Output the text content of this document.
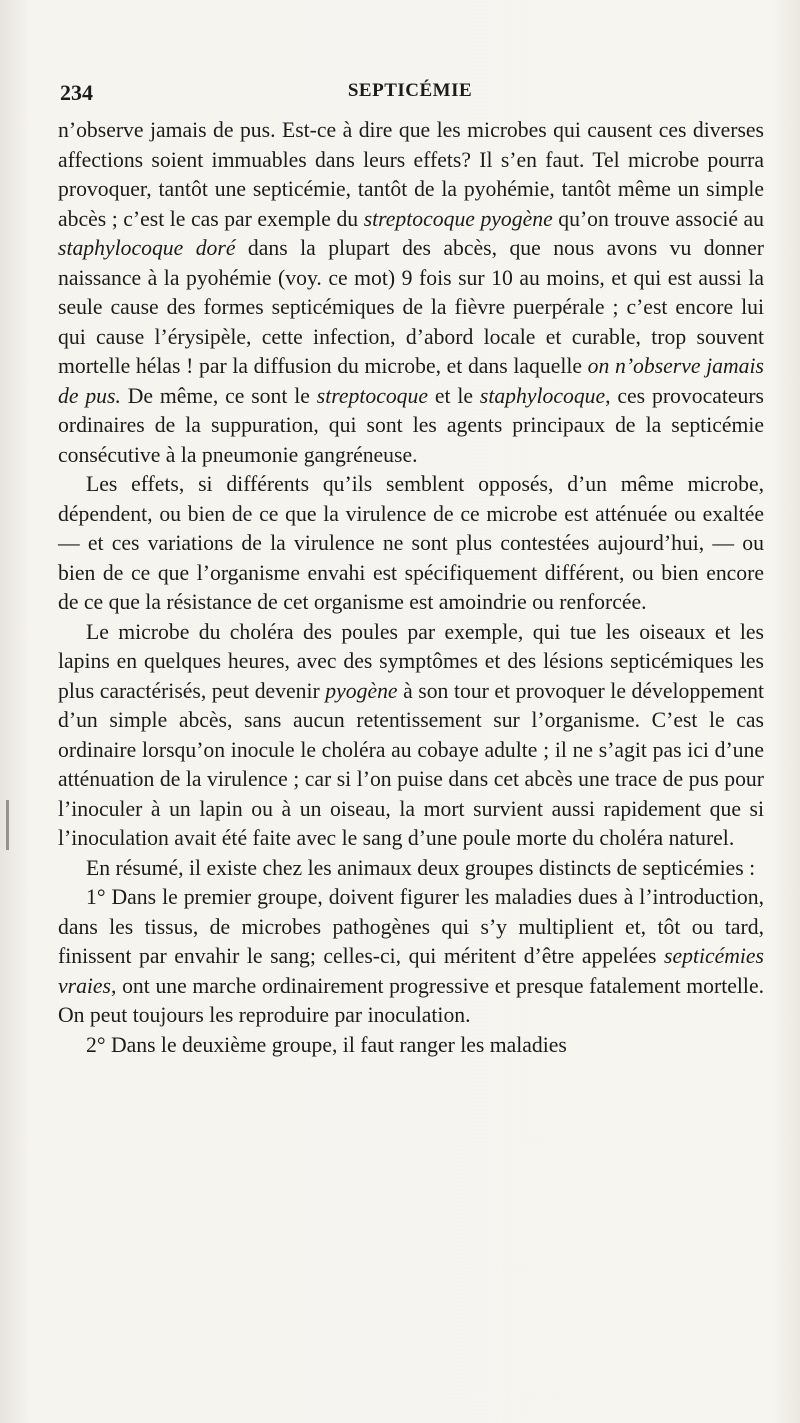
234	SEPTICÉMIE

n’observe jamais de pus. Est-ce à dire que les microbes qui causent ces diverses affections soient immuables dans leurs effets? Il s’en faut. Tel microbe pourra provoquer, tantôt une septicémie, tantôt de la pyohémie, tantôt même un simple abcès ; c’est le cas par exemple du streptocoque pyogène qu’on trouve associé au staphylocoque doré dans la plupart des abcès, que nous avons vu donner naissance à la pyohémie (voy. ce mot) 9 fois sur 10 au moins, et qui est aussi la seule cause des formes septicémiques de la fièvre puerpérale ; c’est encore lui qui cause l’érysipèle, cette infection, d’abord locale et curable, trop souvent mortelle hélas ! par la diffusion du microbe, et dans laquelle on n’observe jamais de pus. De même, ce sont le streptocoque et le staphylocoque, ces provocateurs ordinaires de la suppuration, qui sont les agents principaux de la septicémie consécutive à la pneumonie gangréneuse.

Les effets, si différents qu’ils semblent opposés, d’un même microbe, dépendent, ou bien de ce que la virulence de ce microbe est atténuée ou exaltée — et ces variations de la virulence ne sont plus contestées aujourd’hui, — ou bien de ce que l’organisme envahi est spécifiquement différent, ou bien encore de ce que la résistance de cet organisme est amoindrie ou renforcée.

Le microbe du choléra des poules par exemple, qui tue les oiseaux et les lapins en quelques heures, avec des symptômes et des lésions septicémiques les plus caractérisés, peut devenir pyogène à son tour et provoquer le développement d’un simple abcès, sans aucun retentissement sur l’organisme. C’est le cas ordinaire lorsqu’on inocule le choléra au cobaye adulte ; il ne s’agit pas ici d’une atténuation de la virulence ; car si l’on puise dans cet abcès une trace de pus pour l’inoculer à un lapin ou à un oiseau, la mort survient aussi rapidement que si l’inoculation avait été faite avec le sang d’une poule morte du choléra naturel.

En résumé, il existe chez les animaux deux groupes distincts de septicémies :

1° Dans le premier groupe, doivent figurer les maladies dues à l’introduction, dans les tissus, de microbes pathogènes qui s’y multiplient et, tôt ou tard, finissent par envahir le sang; celles-ci, qui méritent d’être appelées septicémies vraies, ont une marche ordinairement progressive et presque fatalement mortelle. On peut toujours les reproduire par inoculation.

2° Dans le deuxième groupe, il faut ranger les maladies
